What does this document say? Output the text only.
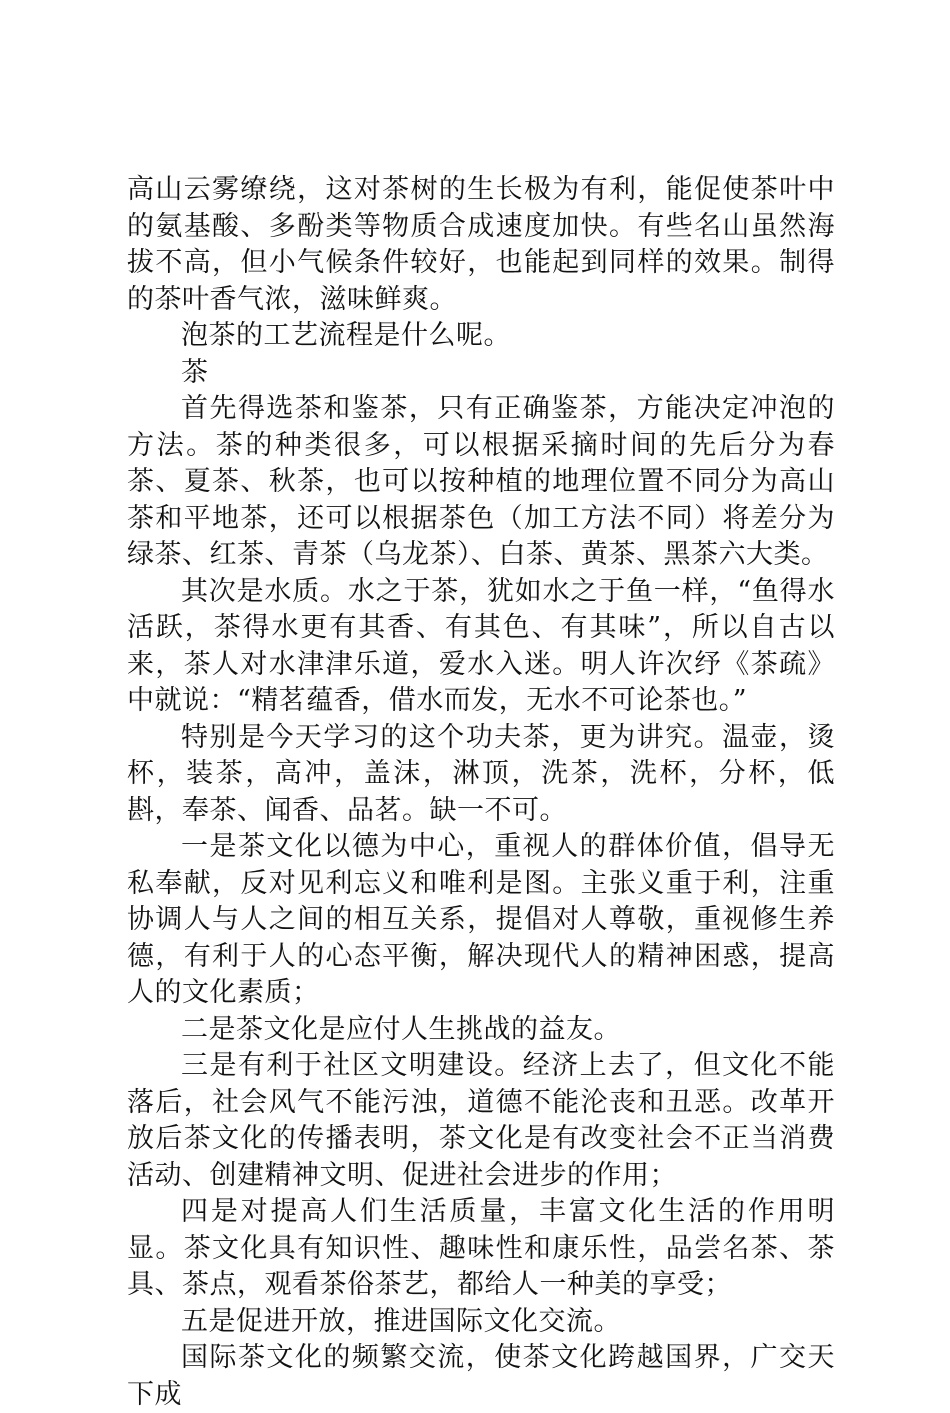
高山云雾缭绕，这对茶树的生长极为有利，能促使茶叶中的氨基酸、多酚类等物质合成速度加快。有些名山虽然海拔不高，但小气候条件较好，也能起到同样的效果。制得的茶叶香气浓，滋味鲜爽。

泡茶的工艺流程是什么呢。

茶

首先得选茶和鉴茶，只有正确鉴茶，方能决定冲泡的方法。茶的种类很多，可以根据采摘时间的先后分为春茶、夏茶、秋茶，也可以按种植的地理位置不同分为高山茶和平地茶，还可以根据茶色（加工方法不同）将差分为绿茶、红茶、青茶（乌龙茶）、白茶、黄茶、黑茶六大类。

其次是水质。水之于茶，犹如水之于鱼一样，“鱼得水活跃，茶得水更有其香、有其色、有其味”，所以自古以来，茶人对水津津乐道，爱水入迷。明人许次纾《茶疏》中就说：“精茗蕴香，借水而发，无水不可论茶也。”

特别是今天学习的这个功夫茶，更为讲究。温壶，烫杯，装茶，高冲，盖沫，淋顶，洗茶，洗杯，分杯，低斟，奉茶、闻香、品茗。缺一不可。

一是茶文化以德为中心，重视人的群体价值，倡导无私奉献，反对见利忘义和唯利是图。主张义重于利，注重协调人与人之间的相互关系，提倡对人尊敬，重视修生养德，有利于人的心态平衡，解决现代人的精神困惑，提高人的文化素质；

二是茶文化是应付人生挑战的益友。

三是有利于社区文明建设。经济上去了，但文化不能落后，社会风气不能污浊，道德不能沦丧和丑恶。改革开放后茶文化的传播表明，茶文化是有改变社会不正当消费活动、创建精神文明、促进社会进步的作用；

四是对提高人们生活质量，丰富文化生活的作用明显。茶文化具有知识性、趣味性和康乐性，品尝名茶、茶具、茶点，观看茶俗茶艺，都给人一种美的享受；

五是促进开放，推进国际文化交流。

国际茶文化的频繁交流，使茶文化跨越国界，广交天下成
